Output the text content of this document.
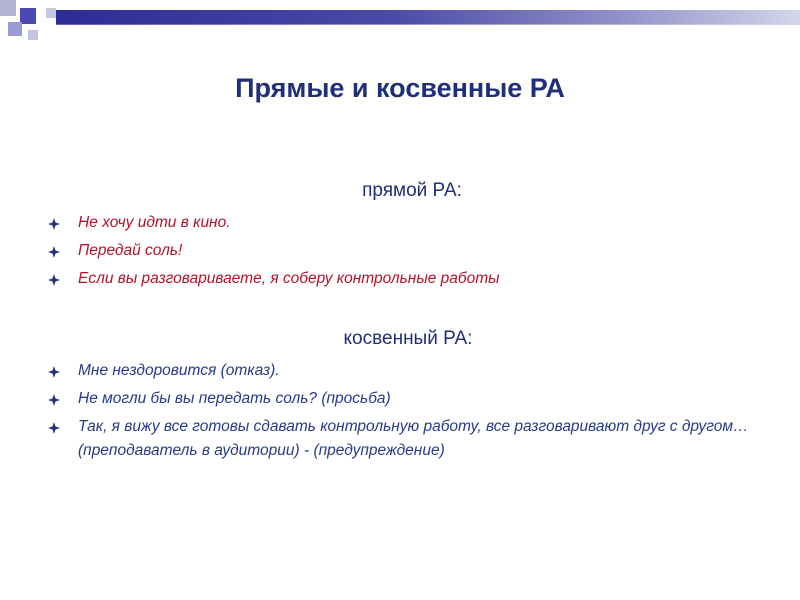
Прямые и косвенные РА
прямой РА:
Не хочу идти в кино.
Передай соль!
Если вы разговариваете, я соберу контрольные работы
косвенный РА:
Мне нездоровится (отказ).
Не могли бы вы передать соль? (просьба)
Так, я вижу все готовы сдавать контрольную работу, все разговаривают друг с другом… (преподаватель в аудитории) - (предупреждение)
